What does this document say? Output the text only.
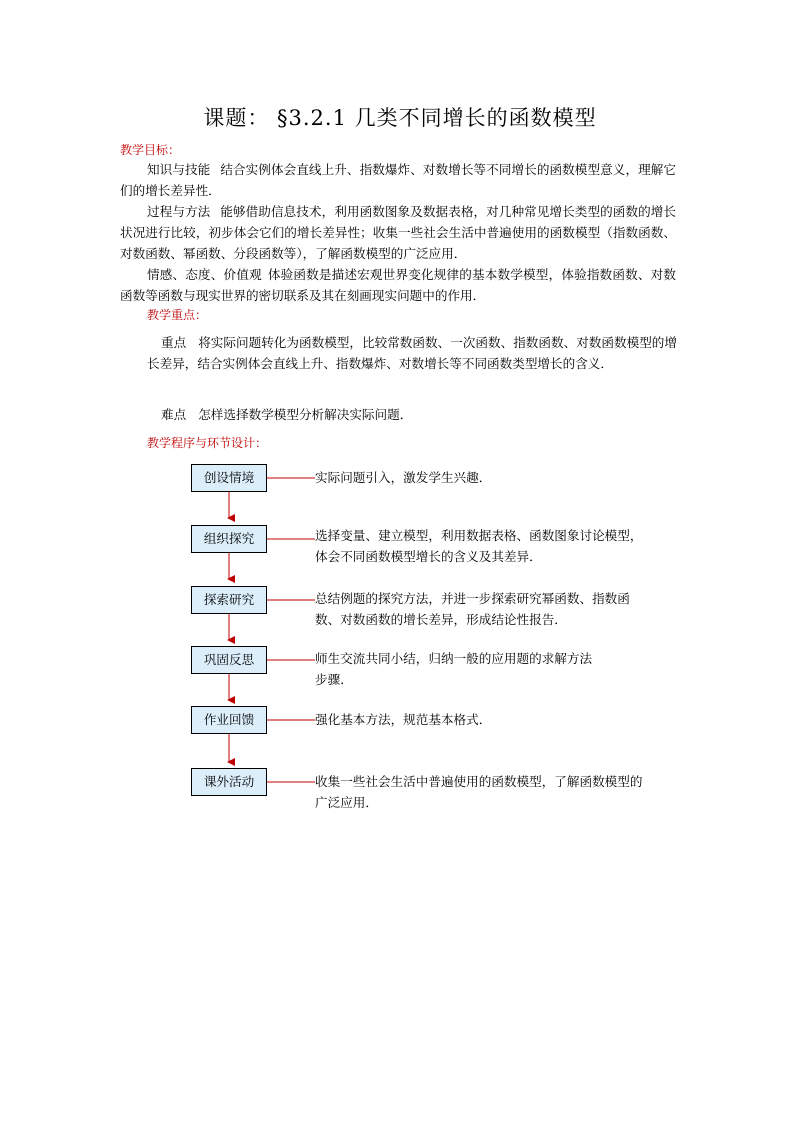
课题： §3.2.1 几类不同增长的函数模型
教学目标：
知识与技能 结合实例体会直线上升、指数爆炸、对数增长等不同增长的函数模型意义，理解它们的增长差异性．
过程与方法 能够借助信息技术，利用函数图象及数据表格，对几种常见增长类型的函数的增长状况进行比较，初步体会它们的增长差异性；收集一些社会生活中普遍使用的函数模型（指数函数、对数函数、幂函数、分段函数等），了解函数模型的广泛应用．
情感、态度、价值观 体验函数是描述宏观世界变化规律的基本数学模型，体验指数函数、对数函数等函数与现实世界的密切联系及其在刻画现实问题中的作用．
教学重点：
重点 将实际问题转化为函数模型，比较常数函数、一次函数、指数函数、对数函数模型的增长差异，结合实例体会直线上升、指数爆炸、对数增长等不同函数类型增长的含义．
难点 怎样选择数学模型分析解决实际问题．
教学程序与环节设计：
创设情境	实际问题引入，激发学生兴趣．
组织探究	选择变量、建立模型，利用数据表格、函数图象讨论模型，体会不同函数模型增长的含义及其差异．
探索研究	总结例题的探究方法，并进一步探索研究幂函数、指数函数、对数函数的增长差异，形成结论性报告．
巩固反思	师生交流共同小结，归纳一般的应用题的求解方法步骤．
作业回馈	强化基本方法，规范基本格式．
课外活动	收集一些社会生活中普遍使用的函数模型，了解函数模型的广泛应用．
